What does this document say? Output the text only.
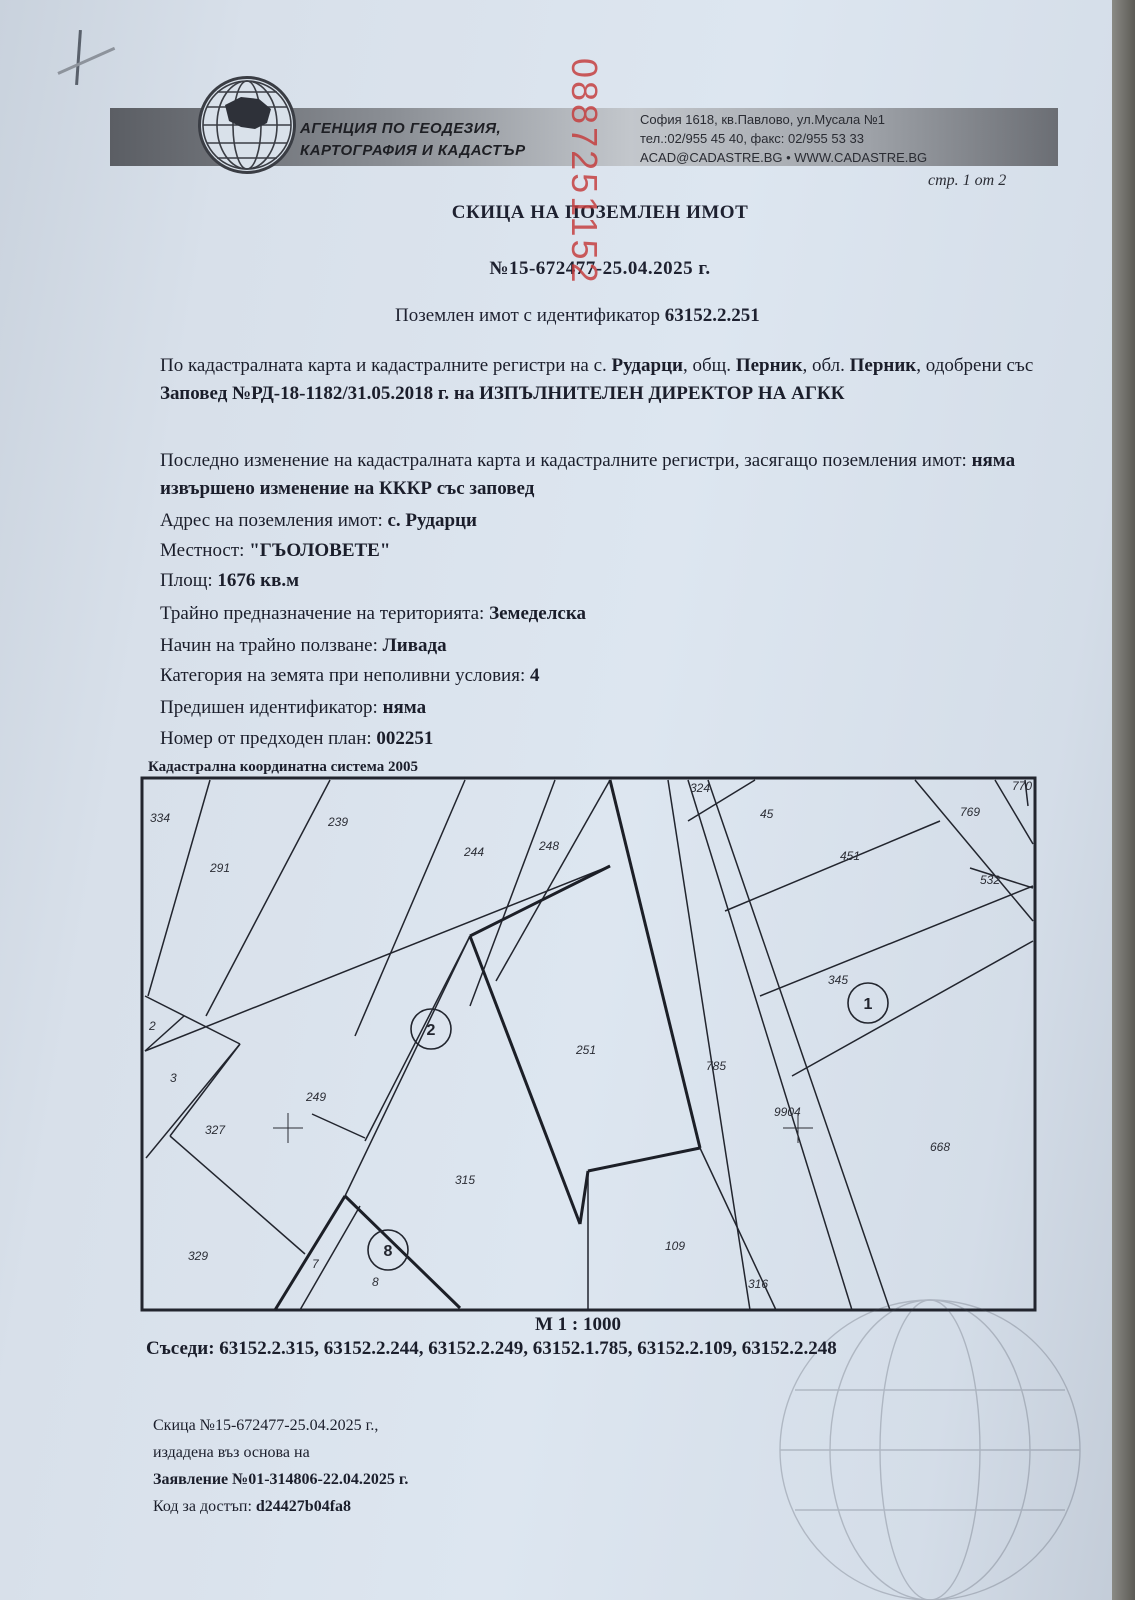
АГЕНЦИЯ ПО ГЕОДЕЗИЯ,
КАРТОГРАФИЯ И КАДАСТЪР
София 1618, кв.Павлово, ул.Мусала №1
тел.:02/955 45 40, факс: 02/955 53 33
ACAD@CADASTRE.BG • WWW.CADASTRE.BG
стр. 1 от 2
СКИЦА НА ПОЗЕМЛЕН ИМОТ
№15-672477-25.04.2025 г.
Поземлен имот с идентификатор 63152.2.251
По кадастралната карта и кадастралните регистри на с. Рударци, общ. Перник, обл. Перник, одобрени със Заповед №РД-18-1182/31.05.2018 г. на ИЗПЪЛНИТЕЛЕН ДИРЕКТОР НА АГКК
Последно изменение на кадастралната карта и кадастралните регистри, засягащо поземления имот: няма извършено изменение на КККР със заповед
Адрес на поземления имот: с. Рударци
Местност: "ГЪОЛОВЕТЕ"
Площ: 1676 кв.м
Трайно предназначение на територията: Земеделска
Начин на трайно ползване: Ливада
Категория на земята при неполивни условия: 4
Предишен идентификатор: няма
Номер от предходен план: 002251
Кадастрална координатна система 2005
334	239
291
244	248
324
45
770
769
451
532
345
2
3
249
251
785
9904
668
327
315
329
7
8
109
316
1
2
8
M 1 : 1000
Съседи: 63152.2.315, 63152.2.244, 63152.2.249, 63152.1.785, 63152.2.109, 63152.2.248
Скица №15-672477-25.04.2025 г.,
издадена въз основа на
Заявление №01-314806-22.04.2025 г.
Код за достъп: d24427b04fa8
0887251152
